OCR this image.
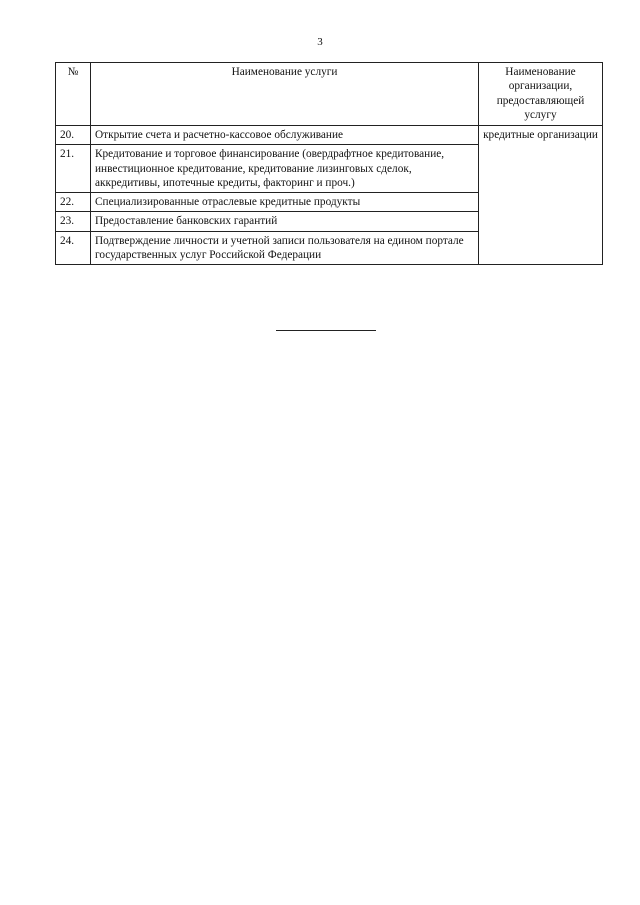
3
№	Наименование услуги	Наименование организации, предоставляющей услугу
20.	Открытие счета и расчетно-кассовое обслуживание	кредитные организации
21.	Кредитование и торговое финансирование (овердрафтное кредитование, инвестиционное кредитование, кредитование лизинговых сделок, аккредитивы, ипотечные кредиты, факторинг и проч.)	
22.	Специализированные отраслевые кредитные продукты	
23.	Предоставление банковских гарантий	
24.	Подтверждение личности и учетной записи пользователя на едином портале государственных услуг Российской Федерации	
